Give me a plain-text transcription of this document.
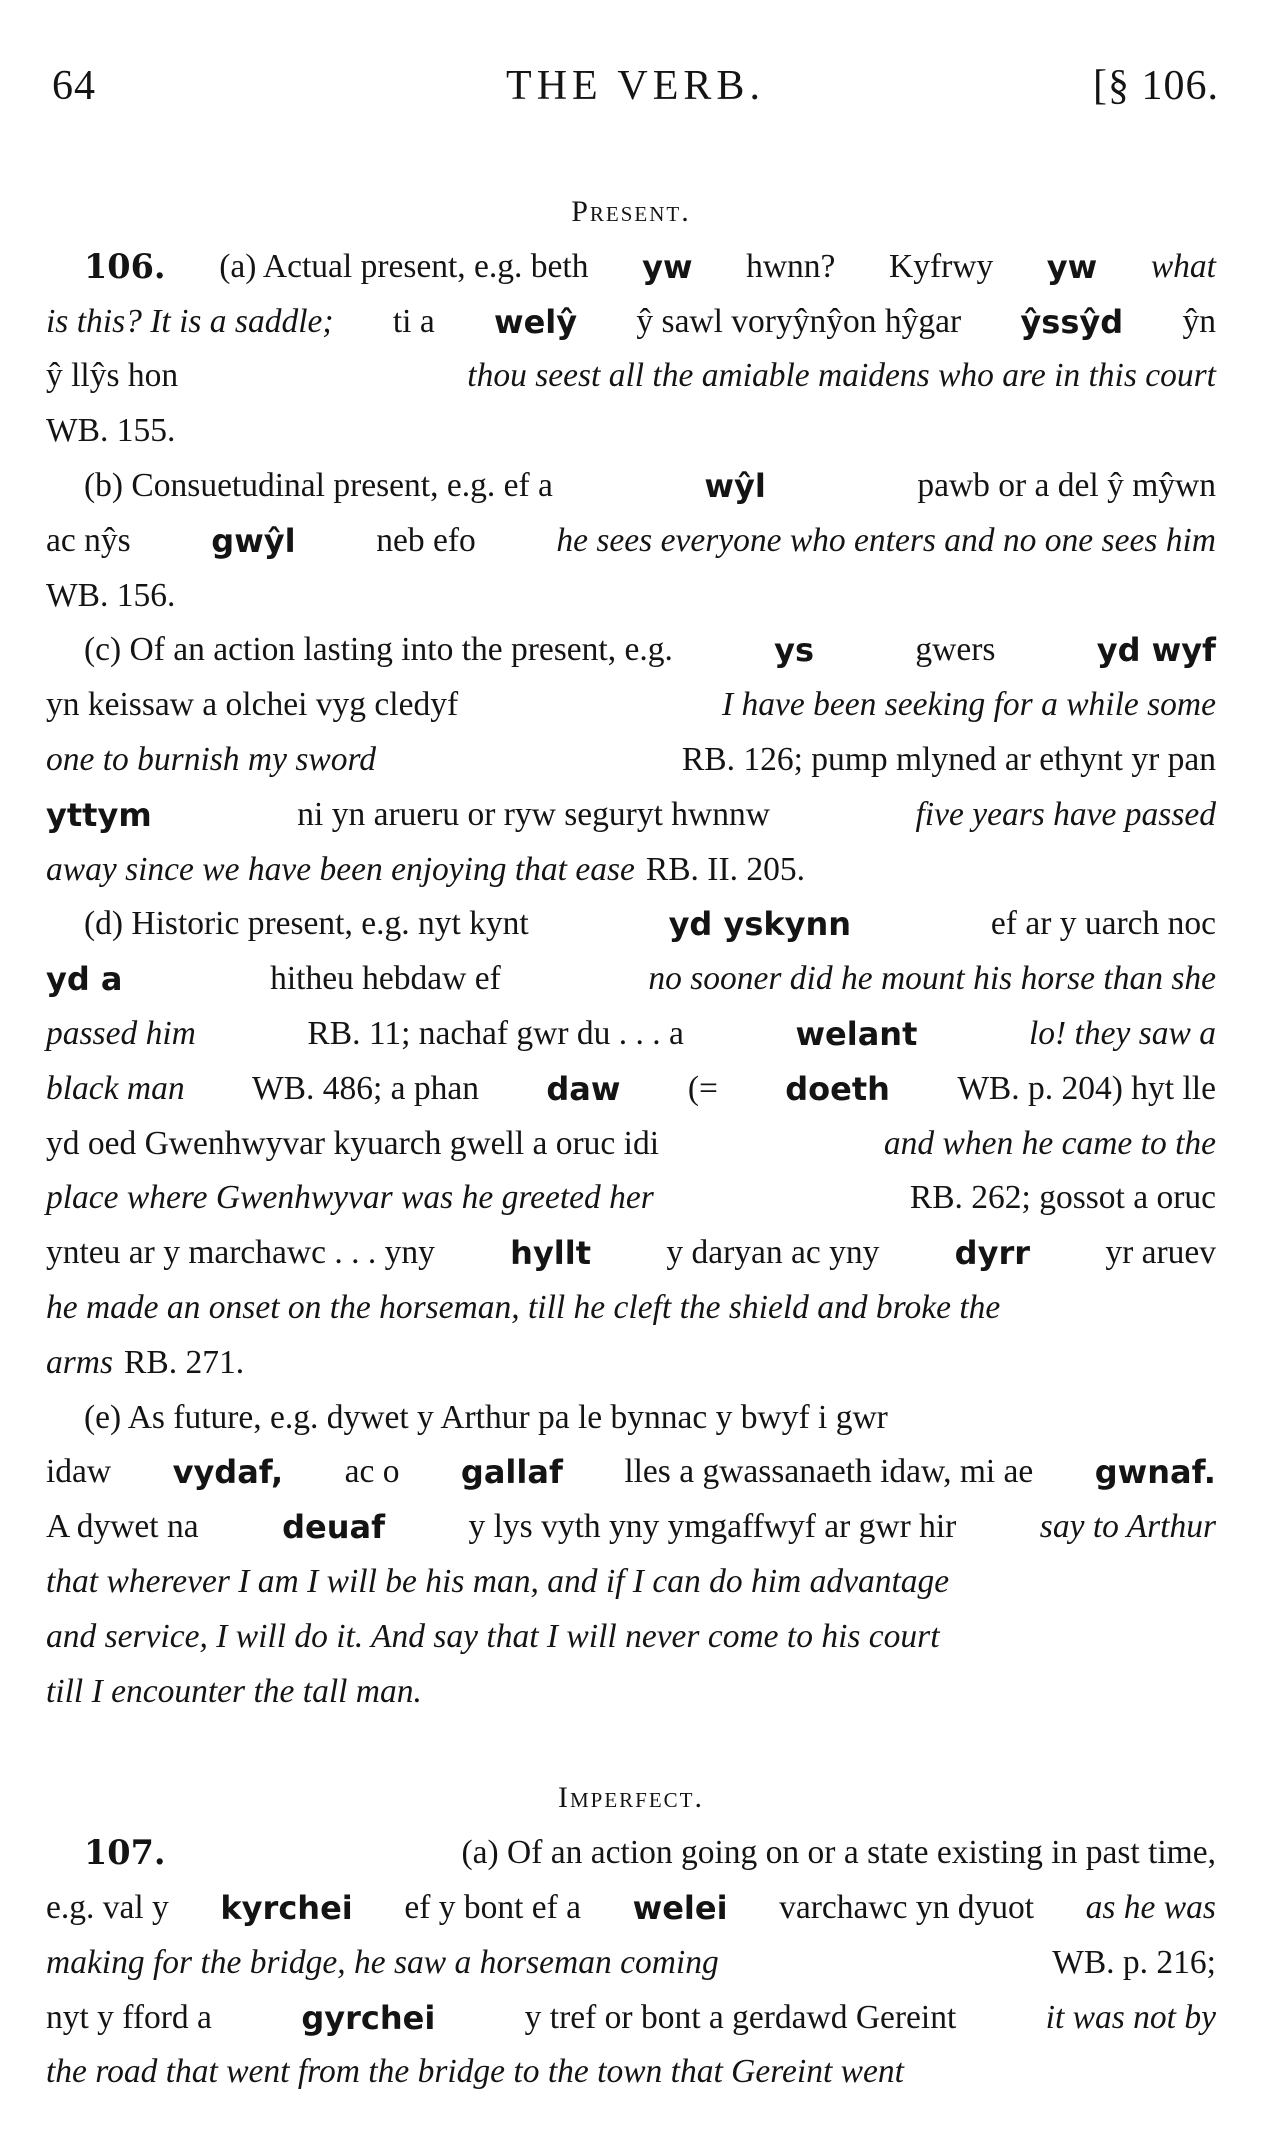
64	THE VERB.	[§ 106.
Present.
106. (a) Actual present, e.g. beth yw hwnn? Kyfrwy yw what
is this? It is a saddle; ti a welŷ ŷ sawl voryŷnŷon hŷgar ŷssŷd ŷn
ŷ llŷs hon	thou seest all the amiable maidens who are in this court
WB. 155.
(b) Consuetudinal present, e.g. ef a	wŷl	pawb or a del ŷ mŷwn
ac nŷs	gwŷl neb efo he sees everyone who enters and no one sees him
WB. 156.
(c) Of an action lasting into the present, e.g.	ys	gwers	yd wyf
yn keissaw a olchei vyg cledyf	I have been seeking for a while some
one to burnish my sword	RB. 126; pump mlyned ar ethynt yr pan
yttym	ni yn arueru or ryw seguryt hwnnw	five years have passed
away since we have been enjoying that ease RB. II. 205.
(d) Historic present, e.g. nyt kynt	yd yskynn	ef ar y uarch noc
yd a	hitheu hebdaw ef	no sooner did he mount his horse than she
passed him	RB. 11; nachaf gwr du . . . a	welant	lo! they saw a
black man WB. 486; a phan daw (= doeth WB. p. 204) hyt lle
yd oed Gwenhwyvar kyuarch gwell a oruc idi	and when he came to the
place where Gwenhwyvar was he greeted her	RB. 262; gossot a oruc
ynteu ar y marchawc . . . yny hyllt y daryan ac yny dyrr yr aruev
he made an onset on the horseman, till he cleft the shield and broke the
arms RB. 271.
(e) As future, e.g. dywet y Arthur pa le bynnac y bwyf i gwr
idaw vydaf, ac o gallaf lles a gwassanaeth idaw, mi ae gwnaf.
A dywet na	deuaf y lys vyth yny ymgaffwyf ar gwr hir say to Arthur
that wherever I am I will be his man, and if I can do him advantage
and service, I will do it. And say that I will never come to his court
till I encounter the tall man.
Imperfect.
107.	(a) Of an action going on or a state existing in past time,
e.g. val y kyrchei ef y bont ef a welei varchawc yn dyuot as he was
making for the bridge, he saw a horseman coming	WB. p. 216;
nyt y fford a	gyrchei	y tref or bont a gerdawd Gereint	it was not by
the road that went from the bridge to the town that Gereint went
